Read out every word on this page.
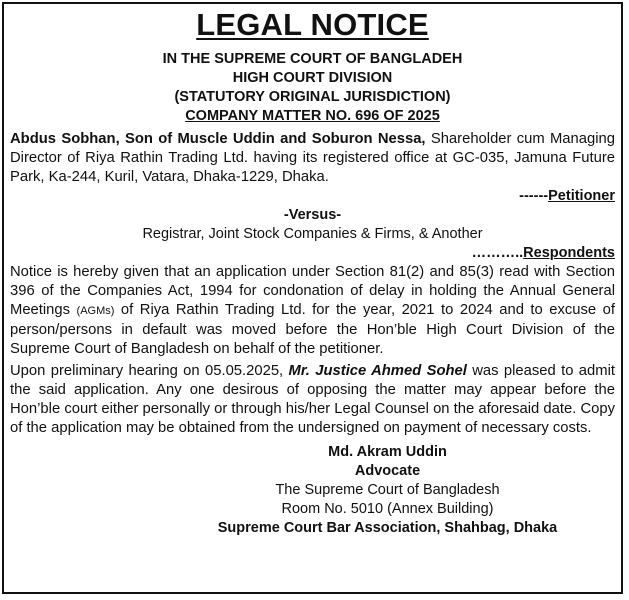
LEGAL NOTICE
IN THE SUPREME COURT OF BANGLADEH
HIGH COURT DIVISION
(STATUTORY ORIGINAL JURISDICTION)
COMPANY MATTER NO. 696 OF 2025
Abdus Sobhan, Son of Muscle Uddin and Soburon Nessa, Shareholder cum Managing Director of Riya Rathin Trading Ltd. having its registered office at GC-035, Jamuna Future Park, Ka-244, Kuril, Vatara, Dhaka-1229, Dhaka.
------Petitioner
-Versus-
Registrar, Joint Stock Companies & Firms, & Another
………..Respondents
Notice is hereby given that an application under Section 81(2) and 85(3) read with Section 396 of the Companies Act, 1994 for condonation of delay in holding the Annual General Meetings (AGMs) of Riya Rathin Trading Ltd. for the year, 2021 to 2024 and to excuse of person/persons in default was moved before the Hon’ble High Court Division of the Supreme Court of Bangladesh on behalf of the petitioner.
Upon preliminary hearing on 05.05.2025, Mr. Justice Ahmed Sohel was pleased to admit the said application. Any one desirous of opposing the matter may appear before the Hon’ble court either personally or through his/her Legal Counsel on the aforesaid date. Copy of the application may be obtained from the undersigned on payment of necessary costs.
Md. Akram Uddin
Advocate
The Supreme Court of Bangladesh
Room No. 5010 (Annex Building)
Supreme Court Bar Association, Shahbag, Dhaka
